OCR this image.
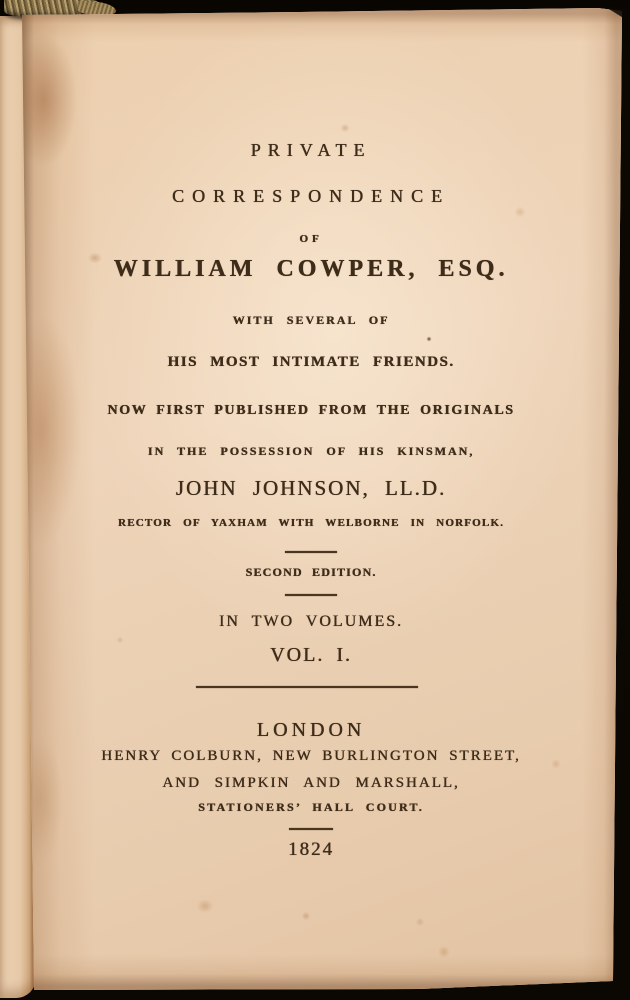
PRIVATE
CORRESPONDENCE
OF
WILLIAM COWPER, ESQ.
WITH SEVERAL OF
HIS MOST INTIMATE FRIENDS.
NOW FIRST PUBLISHED FROM THE ORIGINALS
IN THE POSSESSION OF HIS KINSMAN,
JOHN JOHNSON, LL.D.
RECTOR OF YAXHAM WITH WELBORNE IN NORFOLK.
SECOND EDITION.
IN TWO VOLUMES.
VOL. I.
LONDON
HENRY COLBURN, NEW BURLINGTON STREET,
AND SIMPKIN AND MARSHALL,
STATIONERS’ HALL COURT.
1824
